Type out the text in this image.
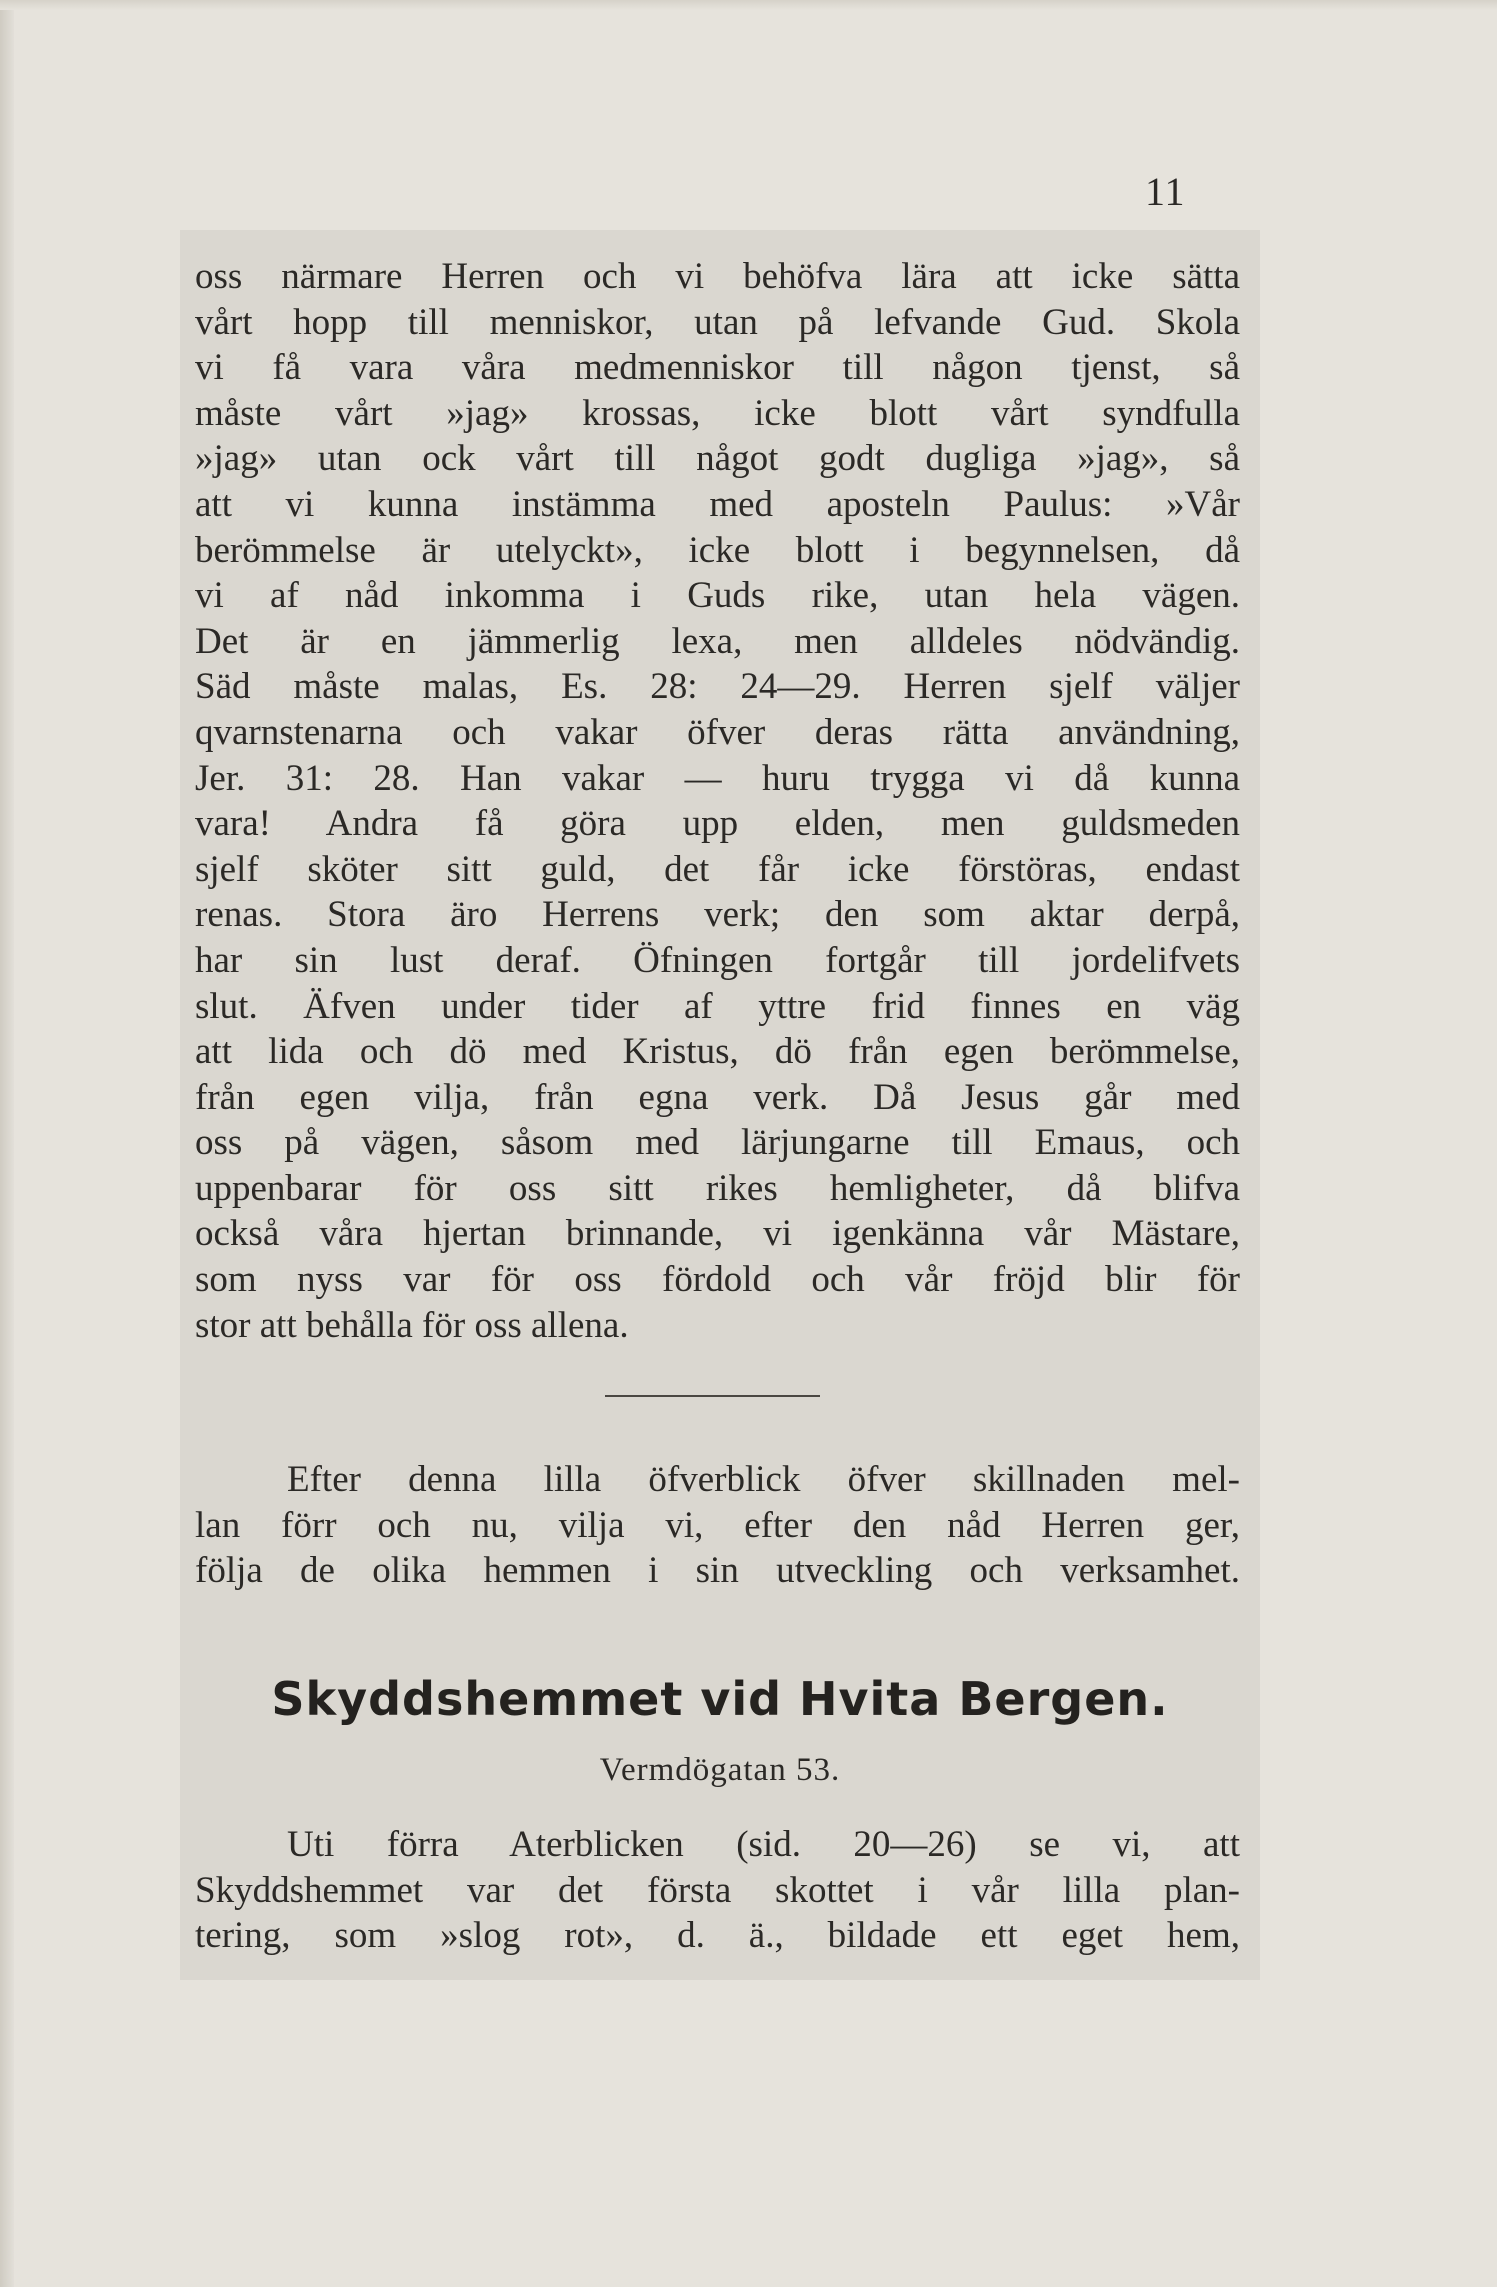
11
oss närmare Herren och vi behöfva lära att icke sätta
vårt hopp till menniskor, utan på lefvande Gud. Skola
vi få vara våra medmenniskor till någon tjenst, så
måste vårt »jag» krossas, icke blott vårt syndfulla
»jag» utan ock vårt till något godt dugliga »jag», så
att vi kunna instämma med aposteln Paulus: »Vår
berömmelse är utelyckt», icke blott i begynnelsen, då
vi af nåd inkomma i Guds rike, utan hela vägen.
Det är en jämmerlig lexa, men alldeles nödvändig.
Säd måste malas, Es. 28: 24—29. Herren sjelf väljer
qvarnstenarna och vakar öfver deras rätta användning,
Jer. 31: 28. Han vakar — huru trygga vi då kunna
vara! Andra få göra upp elden, men guldsmeden
sjelf sköter sitt guld, det får icke förstöras, endast
renas. Stora äro Herrens verk; den som aktar derpå,
har sin lust deraf. Öfningen fortgår till jordelifvets
slut. Äfven under tider af yttre frid finnes en väg
att lida och dö med Kristus, dö från egen berömmelse,
från egen vilja, från egna verk. Då Jesus går med
oss på vägen, såsom med lärjungarne till Emaus, och
uppenbarar för oss sitt rikes hemligheter, då blifva
också våra hjertan brinnande, vi igenkänna vår Mästare,
som nyss var för oss fördold och vår fröjd blir för
stor att behålla för oss allena.
Efter denna lilla öfverblick öfver skillnaden mel-
lan förr och nu, vilja vi, efter den nåd Herren ger,
följa de olika hemmen i sin utveckling och verksamhet.
Skyddshemmet vid Hvita Bergen.
Vermdögatan 53.
Uti förra Aterblicken (sid. 20—26) se vi, att
Skyddshemmet var det första skottet i vår lilla plan-
tering, som »slog rot», d. ä., bildade ett eget hem,
